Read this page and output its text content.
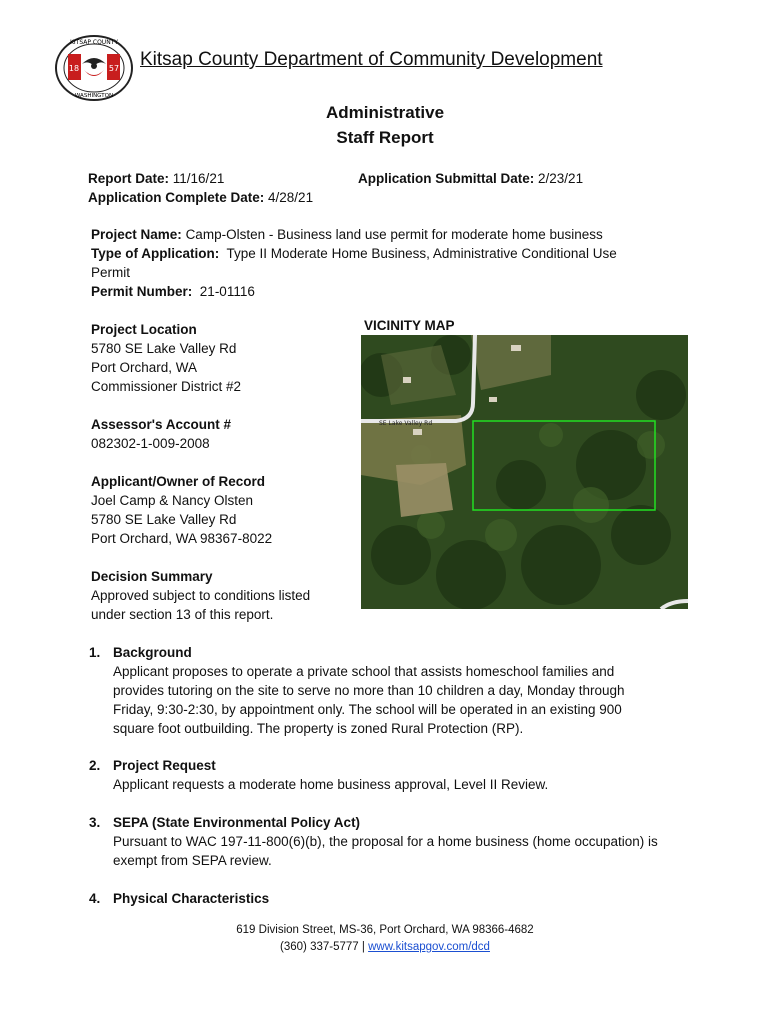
KITSAP COUNTY
WASHINGTON
18	57 Kitsap County Department of Community Development
Administrative
Staff Report
Report Date: 11/16/21	Application Submittal Date: 2/23/21
Application Complete Date: 4/28/21
Project Name: Camp-Olsten - Business land use permit for moderate home business
Type of Application: Type II Moderate Home Business, Administrative Conditional Use
Permit
Permit Number: 21-01116
Project Location
5780 SE Lake Valley Rd
Port Orchard, WA
Commissioner District #2
Assessor's Account #
082302-1-009-2008
Applicant/Owner of Record
Joel Camp & Nancy Olsten
5780 SE Lake Valley Rd
Port Orchard, WA 98367-8022
Decision Summary
Approved subject to conditions listed
under section 13 of this report.
VICINITY MAP
SE Lake Valley Rd
1. Background
Applicant proposes to operate a private school that assists homeschool families and
provides tutoring on the site to serve no more than 10 children a day, Monday through
Friday, 9:30-2:30, by appointment only. The school will be operated in an existing 900
square foot outbuilding. The property is zoned Rural Protection (RP).
2. Project Request
Applicant requests a moderate home business approval, Level II Review.
3. SEPA (State Environmental Policy Act)
Pursuant to WAC 197-11-800(6)(b), the proposal for a home business (home occupation) is
exempt from SEPA review.
4. Physical Characteristics
619 Division Street, MS-36, Port Orchard, WA 98366-4682
(360) 337-5777 | www.kitsapgov.com/dcd
